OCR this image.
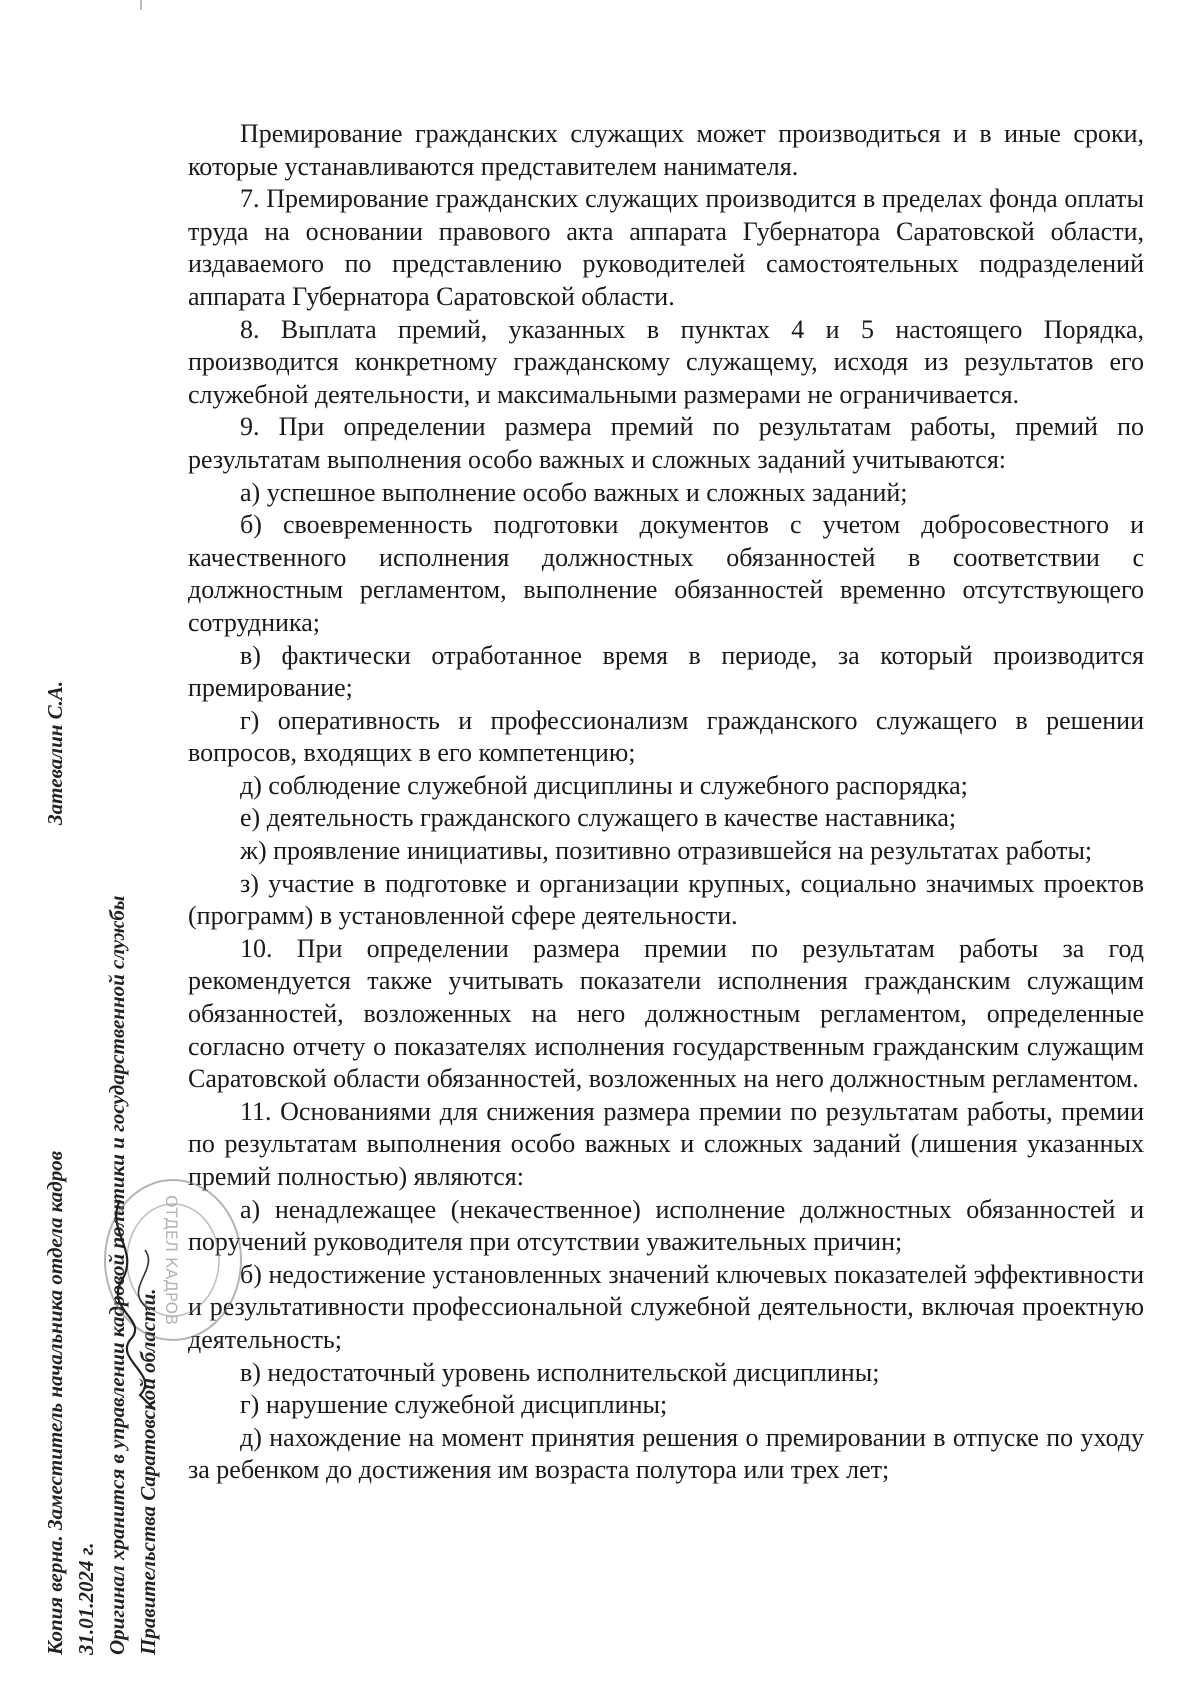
Премирование гражданских служащих может производиться и в иные сроки, которые устанавливаются представителем нанимателя.

7. Премирование гражданских служащих производится в пределах фонда оплаты труда на основании правового акта аппарата Губернатора Саратовской области, издаваемого по представлению руководителей самостоятельных подразделений аппарата Губернатора Саратовской области.

8. Выплата премий, указанных в пунктах 4 и 5 настоящего Порядка, производится конкретному гражданскому служащему, исходя из результатов его служебной деятельности, и максимальными размерами не ограничивается.

9. При определении размера премий по результатам работы, премий по результатам выполнения особо важных и сложных заданий учитываются:

а) успешное выполнение особо важных и сложных заданий;

б) своевременность подготовки документов с учетом добросовестного и качественного исполнения должностных обязанностей в соответствии с должностным регламентом, выполнение обязанностей временно отсутствующего сотрудника;

в) фактически отработанное время в периоде, за который производится премирование;

г) оперативность и профессионализм гражданского служащего в решении вопросов, входящих в его компетенцию;

д) соблюдение служебной дисциплины и служебного распорядка;

е) деятельность гражданского служащего в качестве наставника;

ж) проявление инициативы, позитивно отразившейся на результатах работы;

з) участие в подготовке и организации крупных, социально значимых проектов (программ) в установленной сфере деятельности.

10. При определении размера премии по результатам работы за год рекомендуется также учитывать показатели исполнения гражданским служащим обязанностей, возложенных на него должностным регламентом, определенные согласно отчету о показателях исполнения государственным гражданским служащим Саратовской области обязанностей, возложенных на него должностным регламентом.

11. Основаниями для снижения размера премии по результатам работы, премии по результатам выполнения особо важных и сложных заданий (лишения указанных премий полностью) являются:

а) ненадлежащее (некачественное) исполнение должностных обязанностей и поручений руководителя при отсутствии уважительных причин;

б) недостижение установленных значений ключевых показателей эффективности и результативности профессиональной служебной деятельности, включая проектную деятельность;

в) недостаточный уровень исполнительской дисциплины;

г) нарушение служебной дисциплины;

д) нахождение на момент принятия решения о премировании в отпуске по уходу за ребенком до достижения им возраста полутора или трех лет;

Копия верна. Заместитель начальника отдела кадров
Затевалин С.А.
31.01.2024 г. Оригинал хранится в управлении кадровой политики и государственной службы Правительства Саратовской области.
ОТДЕЛ КАДРОВ
